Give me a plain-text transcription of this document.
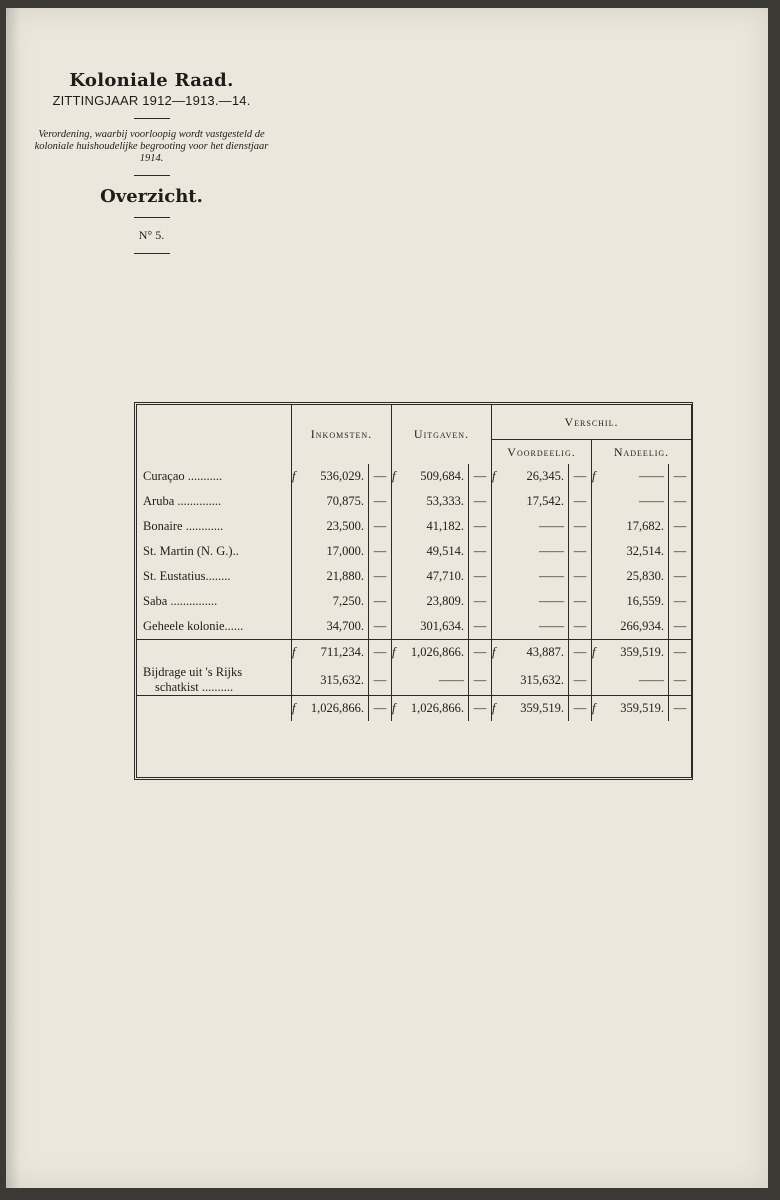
Koloniale Raad.
ZITTINGJAAR 1912—1913.—14.
Verordening, waarbij voorloopig wordt vastgesteld de koloniale huishoudelijke begrooting voor het dienstjaar 1914.
Overzicht.
N° 5.
	Inkomsten.			Uitgaven.			Verschil.					
							Voordeelig.			Nadeelig.		
Curaçao ...........	f	536,029.	—	f	509,684.	—	f	26,345.	—	f	——	—
Aruba ..............		70,875.	—		53,333.	—		17,542.	—		——	—
Bonaire ............		23,500.	—		41,182.	—		——	—		17,682.	—
St. Martin (N. G.)..		17,000.	—		49,514.	—		——	—		32,514.	—
St. Eustatius........		21,880.	—		47,710.	—		——	—		25,830.	—
Saba ...............		7,250.	—		23,809.	—		——	—		16,559.	—
Geheele kolonie......		34,700.	—		301,634.	—		——	—		266,934.	—
	f	711,234.	—	f	1,026,866.	—	f	43,887.	—	f	359,519.	—

Bijdrage uit 's Rijks
schatkist ..........		315,632.	—		——	—		315,632.	—		——	—
	f	1,026,866.	—	f	1,026,866.	—	f	359,519.	—	f	359,519.	—
